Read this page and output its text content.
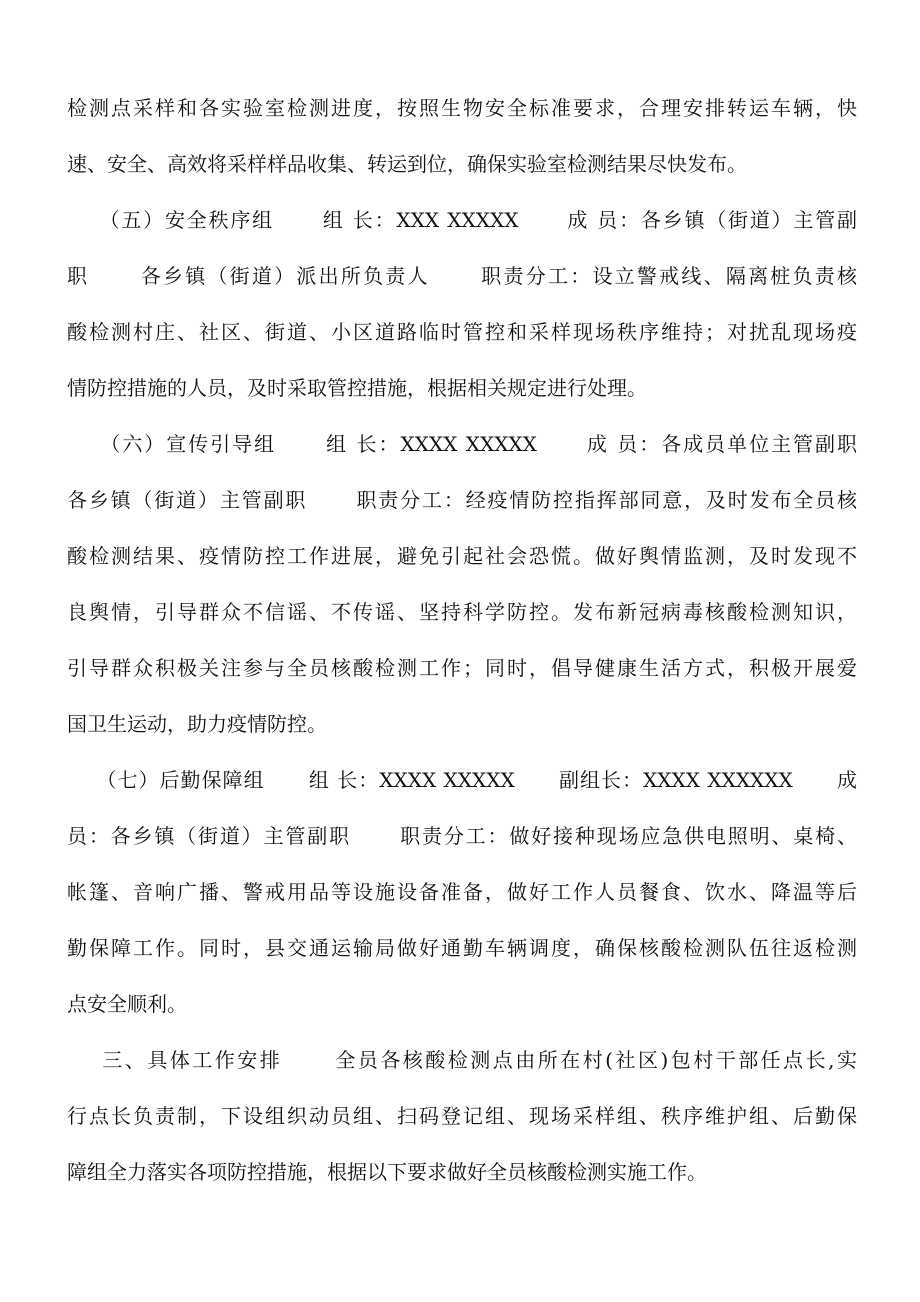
检测点采样和各实验室检测进度，按照生物安全标准要求，合理安排转运车辆，快
速、安全、高效将采样样品收集、转运到位，确保实验室检测结果尽快发布。
（五）安全秩序组      组 长：XXX XXXXX      成 员：各乡镇（街道）主管副
职      各乡镇（街道）派出所负责人      职责分工：设立警戒线、隔离桩负责核
酸检测村庄、社区、街道、小区道路临时管控和采样现场秩序维持；对扰乱现场疫
情防控措施的人员，及时采取管控措施，根据相关规定进行处理。
（六）宣传引导组      组 长：XXXX XXXXX      成 员：各成员单位主管副职
各乡镇（街道）主管副职      职责分工：经疫情防控指挥部同意，及时发布全员核
酸检测结果、疫情防控工作进展，避免引起社会恐慌。做好舆情监测，及时发现不
良舆情，引导群众不信谣、不传谣、坚持科学防控。发布新冠病毒核酸检测知识，
引导群众积极关注参与全员核酸检测工作；同时，倡导健康生活方式，积极开展爱
国卫生运动，助力疫情防控。
（七）后勤保障组      组 长：XXXX XXXXX      副组长：XXXX XXXXXX      成
员：各乡镇（街道）主管副职      职责分工：做好接种现场应急供电照明、桌椅、
帐篷、音响广播、警戒用品等设施设备准备，做好工作人员餐食、饮水、降温等后
勤保障工作。同时，县交通运输局做好通勤车辆调度，确保核酸检测队伍往返检测
点安全顺利。
三、具体工作安排      全员各核酸检测点由所在村(社区)包村干部任点长,实
行点长负责制，下设组织动员组、扫码登记组、现场采样组、秩序维护组、后勤保
障组全力落实各项防控措施，根据以下要求做好全员核酸检测实施工作。
